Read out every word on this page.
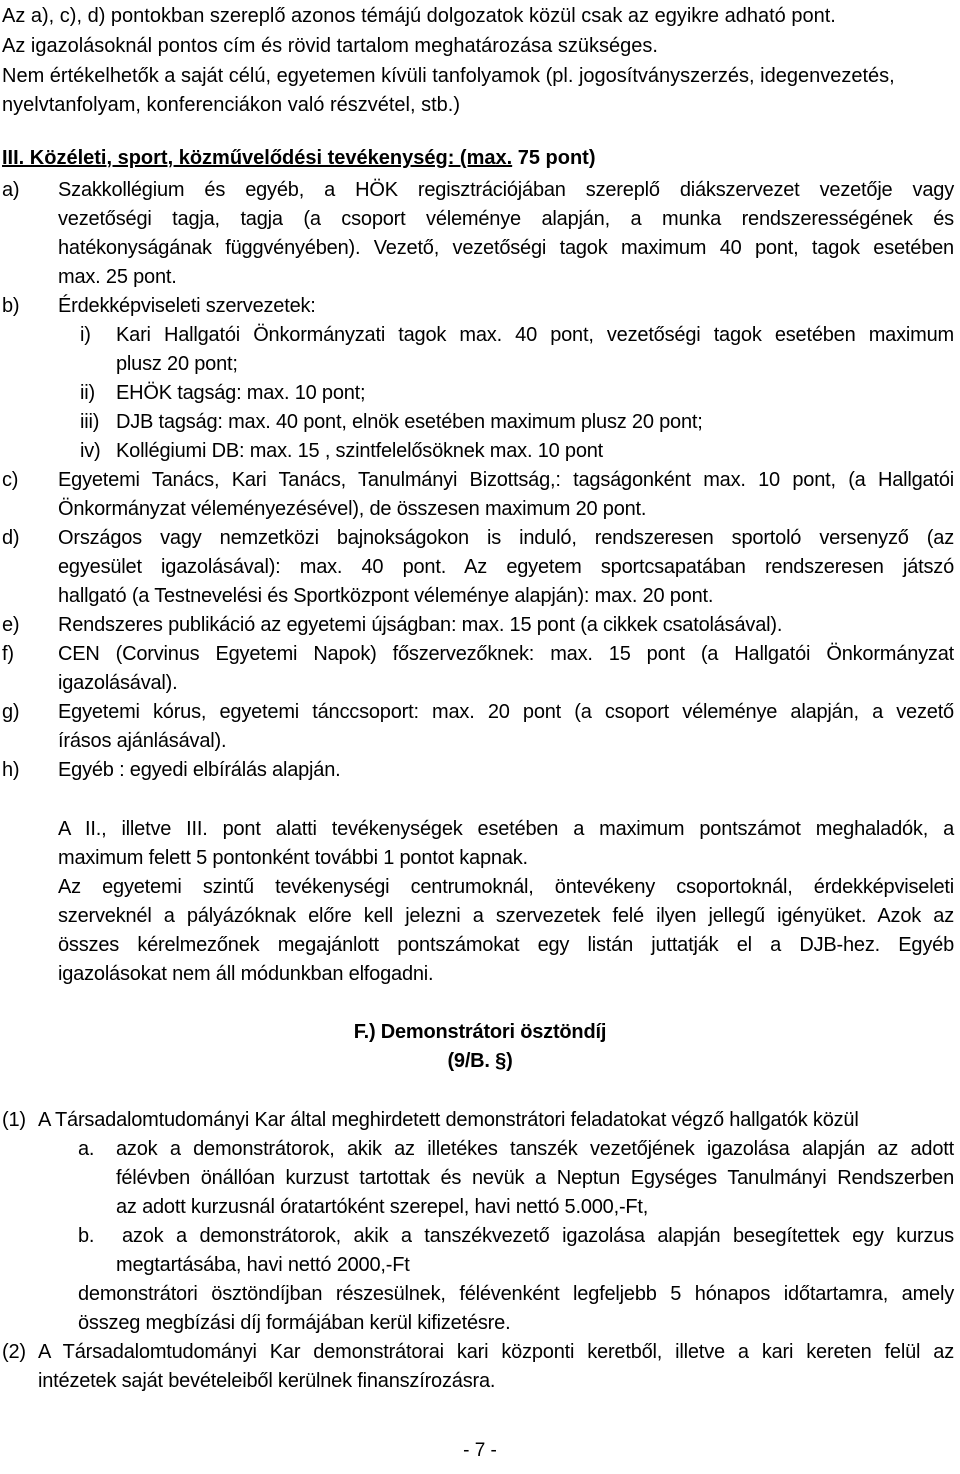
Az a), c), d) pontokban szereplő azonos témájú dolgozatok közül csak az egyikre adható pont.
Az igazolásoknál pontos cím és rövid tartalom meghatározása szükséges.
Nem értékelhetők a saját célú, egyetemen kívüli tanfolyamok (pl. jogosítványszerzés, idegenvezetés,
nyelvtanfolyam, konferenciákon való részvétel, stb.)
III. Közéleti, sport, közművelődési tevékenység: (max. 75 pont)
a) Szakkollégium és egyéb, a HÖK regisztrációjában szereplő diákszervezet vezetője vagy
vezetőségi tagja, tagja (a csoport véleménye alapján, a munka rendszerességének és
hatékonyságának függvényében). Vezető, vezetőségi tagok maximum 40 pont, tagok esetében
max. 25 pont.
b) Érdekképviseleti szervezetek:
i) Kari Hallgatói Önkormányzati tagok max. 40 pont, vezetőségi tagok esetében maximum
plusz 20 pont;
ii) EHÖK tagság: max. 10 pont;
iii) DJB tagság: max. 40 pont, elnök esetében maximum plusz 20 pont;
iv) Kollégiumi DB: max. 15 , szintfelelősöknek max. 10 pont
c) Egyetemi Tanács, Kari Tanács, Tanulmányi Bizottság,: tagságonként max. 10 pont, (a Hallgatói
Önkormányzat véleményezésével), de összesen maximum 20 pont.
d) Országos vagy nemzetközi bajnokságokon is induló, rendszeresen sportoló versenyző (az
egyesület igazolásával): max. 40 pont. Az egyetem sportcsapatában rendszeresen játszó
hallgató (a Testnevelési és Sportközpont véleménye alapján): max. 20 pont.
e) Rendszeres publikáció az egyetemi újságban: max. 15 pont (a cikkek csatolásával).
f) CEN (Corvinus Egyetemi Napok) főszervezőknek: max. 15 pont (a Hallgatói Önkormányzat
igazolásával).
g) Egyetemi kórus, egyetemi tánccsoport: max. 20 pont (a csoport véleménye alapján, a vezető
írásos ajánlásával).
h) Egyéb : egyedi elbírálás alapján.
A II., illetve III. pont alatti tevékenységek esetében a maximum pontszámot meghaladók, a
maximum felett 5 pontonként további 1 pontot kapnak.
Az egyetemi szintű tevékenységi centrumoknál, öntevékeny csoportoknál, érdekképviseleti
szerveknél a pályázóknak előre kell jelezni a szervezetek felé ilyen jellegű igényüket. Azok az
összes kérelmezőnek megajánlott pontszámokat egy listán juttatják el a DJB-hez. Egyéb
igazolásokat nem áll módunkban elfogadni.
F.) Demonstrátori ösztöndíj
(9/B. §)
(1) A Társadalomtudományi Kar által meghirdetett demonstrátori feladatokat végző hallgatók közül
a. azok a demonstrátorok, akik az illetékes tanszék vezetőjének igazolása alapján az adott
félévben önállóan kurzust tartottak és nevük a Neptun Egységes Tanulmányi Rendszerben
az adott kurzusnál óratartóként szerepel, havi nettó 5.000,-Ft,
b. azok a demonstrátorok, akik a tanszékvezető igazolása alapján besegítettek egy kurzus
megtartásába, havi nettó 2000,-Ft
demonstrátori ösztöndíjban részesülnek, félévenként legfeljebb 5 hónapos időtartamra, amely
összeg megbízási díj formájában kerül kifizetésre.
(2) A Társadalomtudományi Kar demonstrátorai kari központi keretből, illetve a kari kereten felül az
intézetek saját bevételeiből kerülnek finanszírozásra.
- 7 -
